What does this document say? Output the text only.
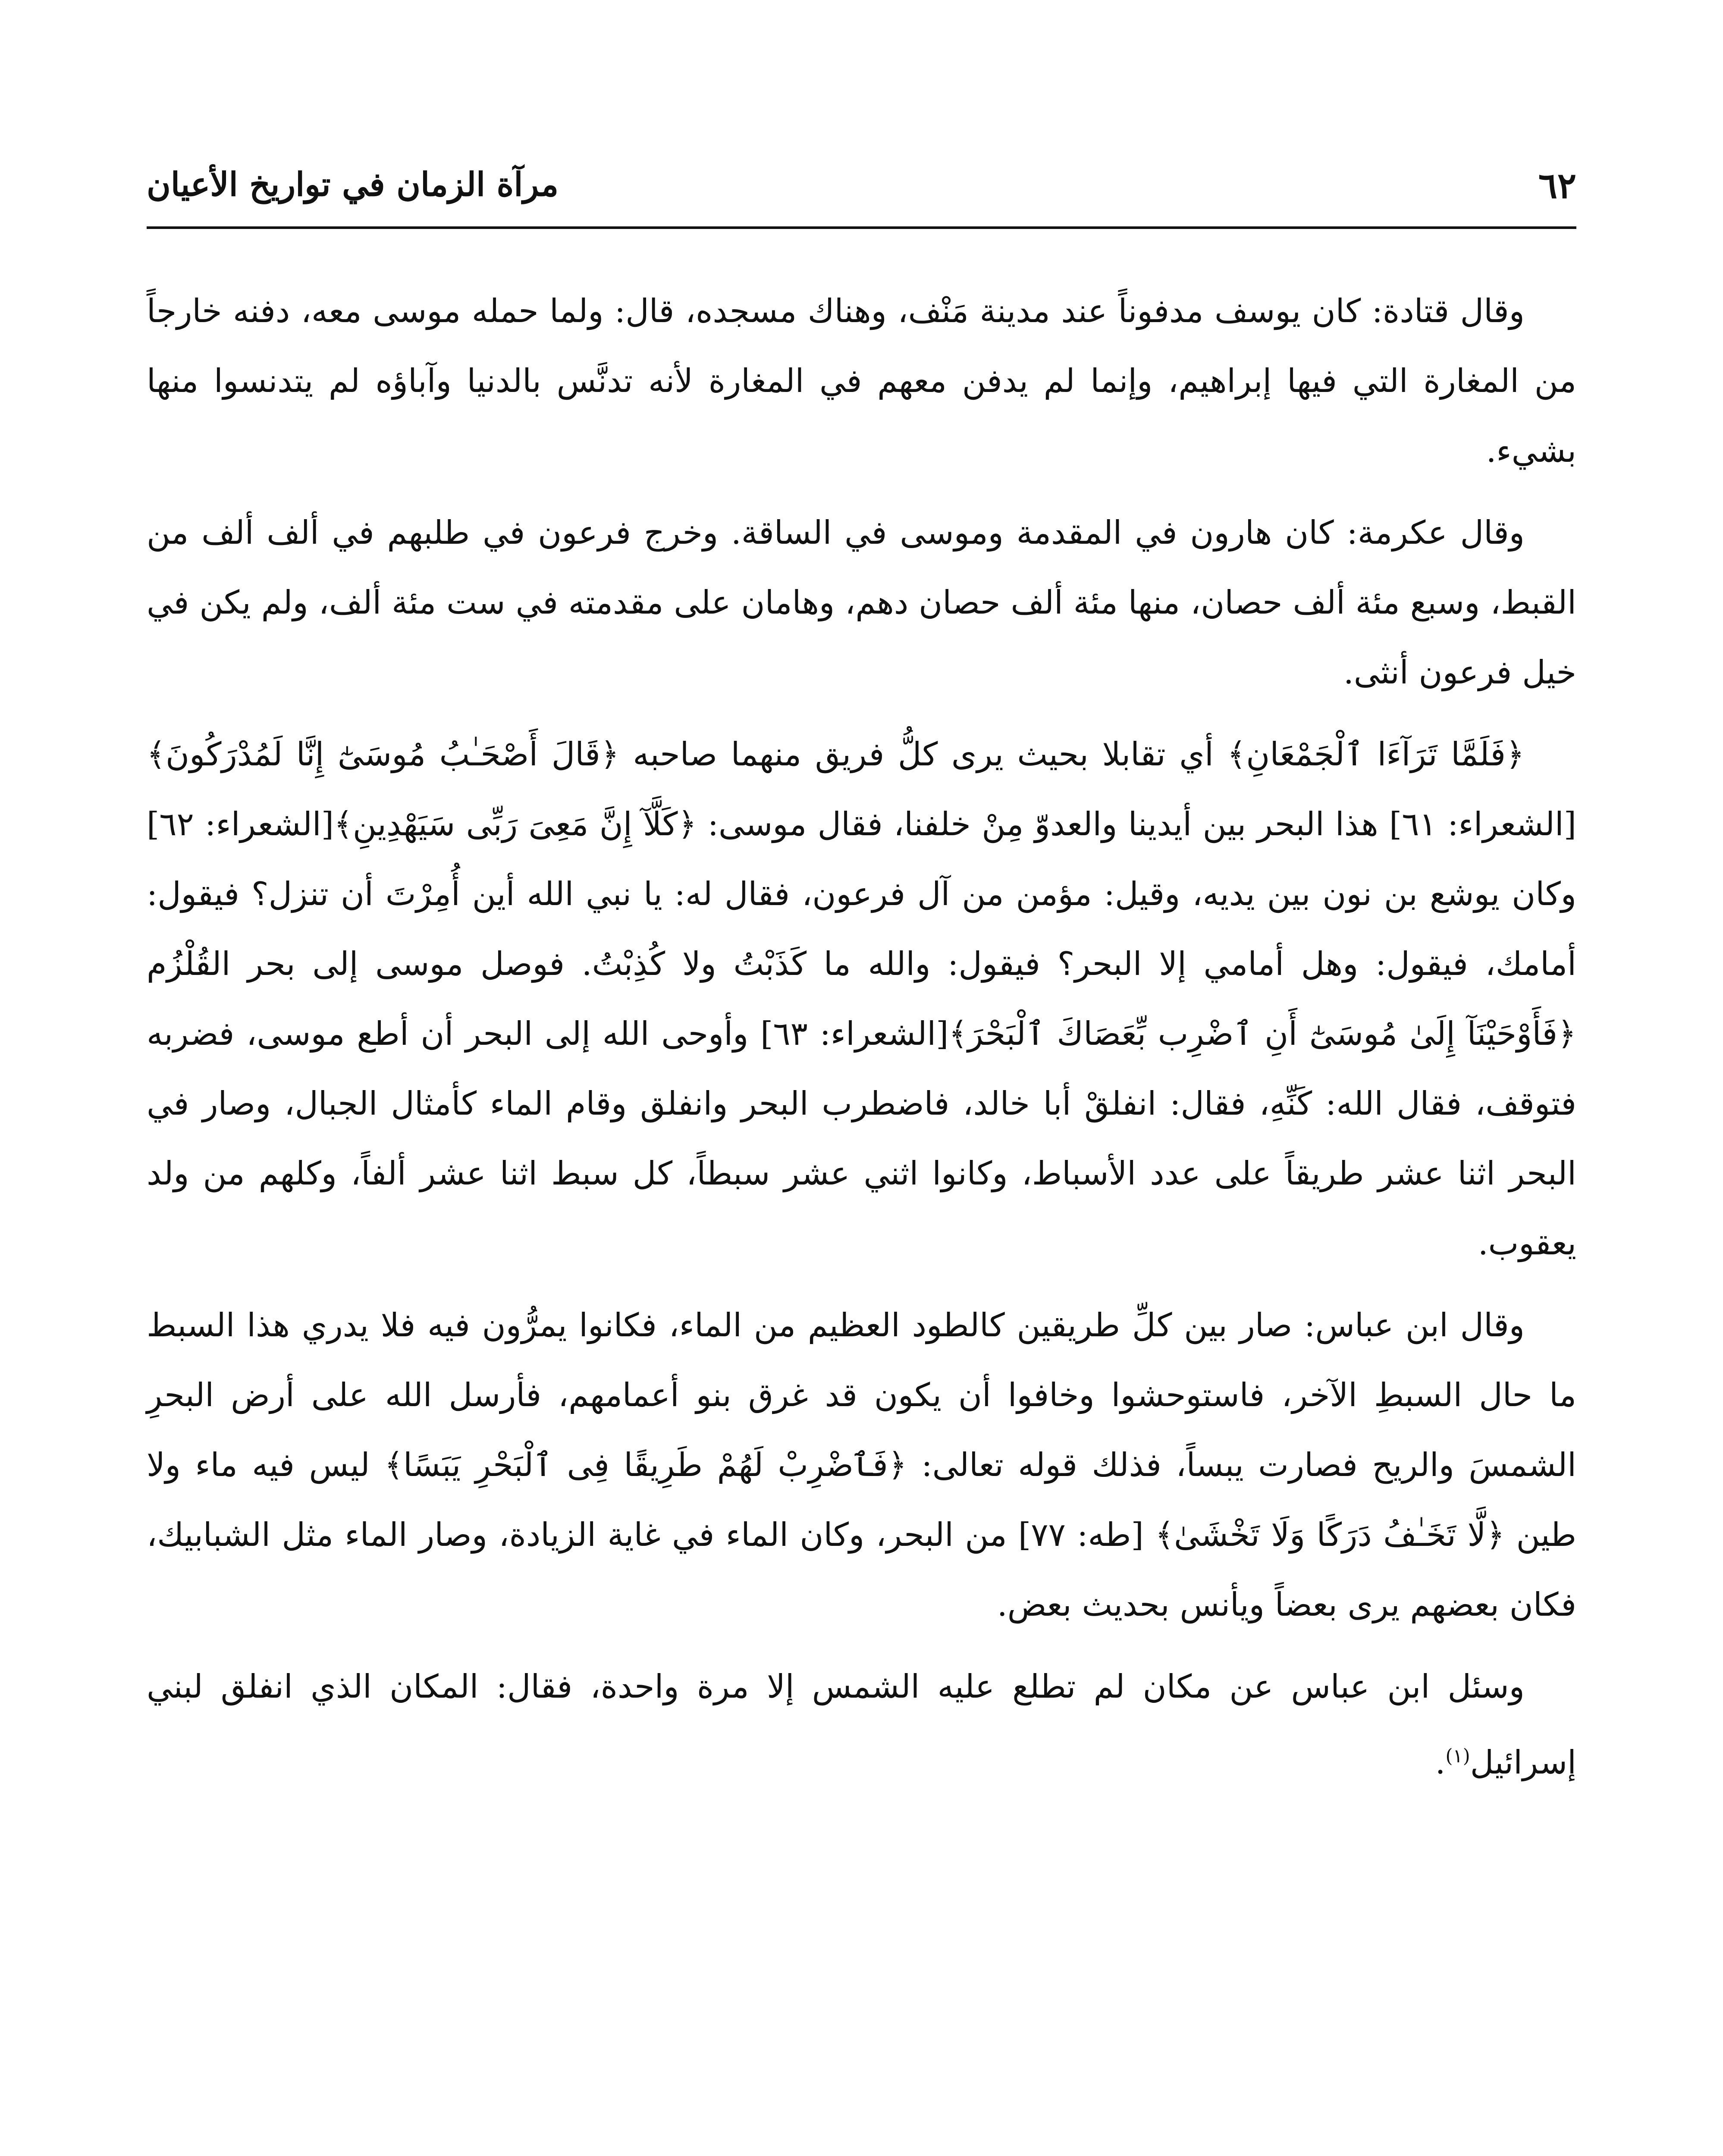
٦٢
مرآة الزمان في تواريخ الأعيان

وقال قتادة: كان يوسف مدفوناً عند مدينة مَنْف، وهناك مسجده، قال: ولما حمله موسى معه، دفنه خارجاً من المغارة التي فيها إبراهيم، وإنما لم يدفن معهم في المغارة لأنه تدنَّس بالدنيا وآباؤه لم يتدنسوا منها بشيء.

وقال عكرمة: كان هارون في المقدمة وموسى في الساقة. وخرج فرعون في طلبهم في ألف ألف من القبط، وسبع مئة ألف حصان، منها مئة ألف حصان دهم، وهامان على مقدمته في ست مئة ألف، ولم يكن في خيل فرعون أنثى.

﴿فَلَمَّا تَرَآءَا ٱلْجَمْعَانِ﴾ أي تقابلا بحيث يرى كلُّ فريق منهما صاحبه ﴿قَالَ أَصْحَـٰبُ مُوسَىٰٓ إِنَّا لَمُدْرَكُونَ﴾[الشعراء: ٦١] هذا البحر بين أيدينا والعدوّ مِنْ خلفنا، فقال موسى: ﴿كَلَّآ إِنَّ مَعِىَ رَبِّى سَيَهْدِينِ﴾[الشعراء: ٦٢] وكان يوشع بن نون بين يديه، وقيل: مؤمن من آل فرعون، فقال له: يا نبي الله أين أُمِرْتَ أن تنزل؟ فيقول: أمامك، فيقول: وهل أمامي إلا البحر؟ فيقول: والله ما كَذَبْتُ ولا كُذِبْتُ. فوصل موسى إلى بحر القُلْزُم ﴿فَأَوْحَيْنَآ إِلَىٰ مُوسَىٰٓ أَنِ ٱضْرِب بِّعَصَاكَ ٱلْبَحْرَ﴾[الشعراء: ٦٣] وأوحى الله إلى البحر أن أطع موسى، فضربه فتوقف، فقال الله: كَنِّهِ، فقال: انفلقْ أبا خالد، فاضطرب البحر وانفلق وقام الماء كأمثال الجبال، وصار في البحر اثنا عشر طريقاً على عدد الأسباط، وكانوا اثني عشر سبطاً، كل سبط اثنا عشر ألفاً، وكلهم من ولد يعقوب.

وقال ابن عباس: صار بين كلِّ طريقين كالطود العظيم من الماء، فكانوا يمرُّون فيه فلا يدري هذا السبط ما حال السبطِ الآخر، فاستوحشوا وخافوا أن يكون قد غرق بنو أعمامهم، فأرسل الله على أرض البحرِ الشمسَ والريح فصارت يبساً، فذلك قوله تعالى: ﴿فَٱضْرِبْ لَهُمْ طَرِيقًا فِى ٱلْبَحْرِ يَبَسًا﴾ ليس فيه ماء ولا طين ﴿لَّا تَخَـٰفُ دَرَكًا وَلَا تَخْشَىٰ﴾ [طه: ٧٧] من البحر، وكان الماء في غاية الزيادة، وصار الماء مثل الشبابيك، فكان بعضهم يرى بعضاً ويأنس بحديث بعض.

وسئل ابن عباس عن مكان لم تطلع عليه الشمس إلا مرة واحدة، فقال: المكان الذي انفلق لبني إسرائيل$^{(١)}$.
